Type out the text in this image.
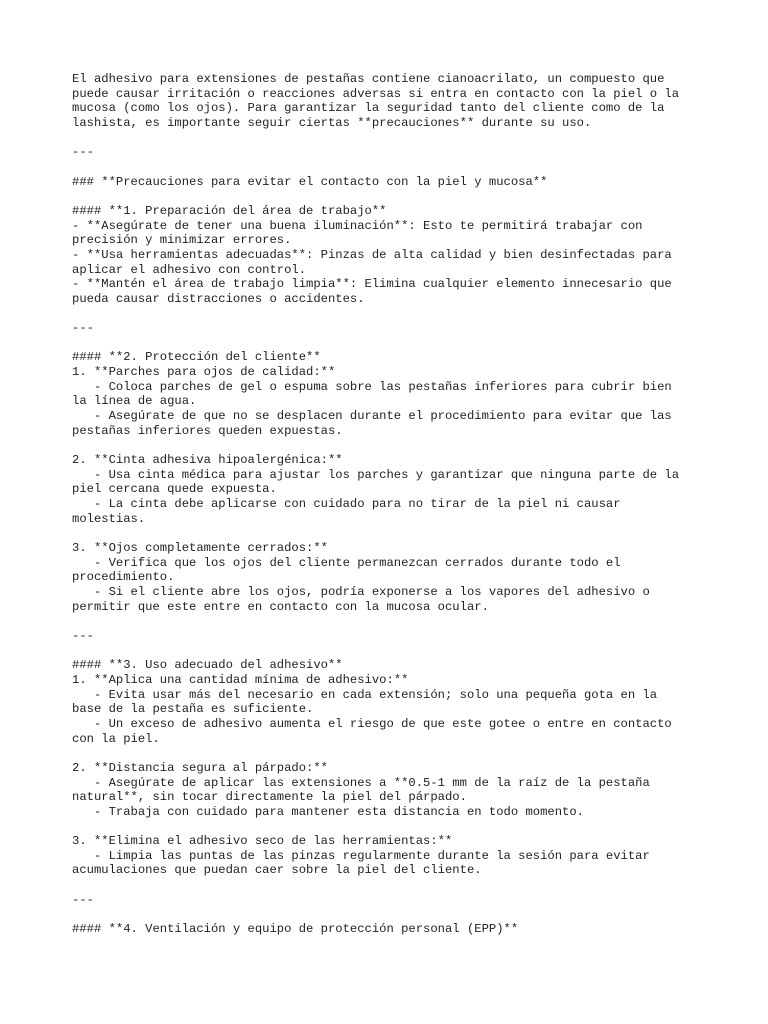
El adhesivo para extensiones de pestañas contiene cianoacrilato, un compuesto que
puede causar irritación o reacciones adversas si entra en contacto con la piel o la
mucosa (como los ojos). Para garantizar la seguridad tanto del cliente como de la
lashista, es importante seguir ciertas **precauciones** durante su uso.
---
### **Precauciones para evitar el contacto con la piel y mucosa**
#### **1. Preparación del área de trabajo**
- **Asegúrate de tener una buena iluminación**: Esto te permitirá trabajar con
precisión y minimizar errores.
- **Usa herramientas adecuadas**: Pinzas de alta calidad y bien desinfectadas para
aplicar el adhesivo con control.
- **Mantén el área de trabajo limpia**: Elimina cualquier elemento innecesario que
pueda causar distracciones o accidentes.
---
#### **2. Protección del cliente**
1. **Parches para ojos de calidad:**
- Coloca parches de gel o espuma sobre las pestañas inferiores para cubrir bien
la línea de agua.
- Asegúrate de que no se desplacen durante el procedimiento para evitar que las
pestañas inferiores queden expuestas.
2. **Cinta adhesiva hipoalergénica:**
- Usa cinta médica para ajustar los parches y garantizar que ninguna parte de la
piel cercana quede expuesta.
- La cinta debe aplicarse con cuidado para no tirar de la piel ni causar
molestias.
3. **Ojos completamente cerrados:**
- Verifica que los ojos del cliente permanezcan cerrados durante todo el
procedimiento.
- Si el cliente abre los ojos, podría exponerse a los vapores del adhesivo o
permitir que este entre en contacto con la mucosa ocular.
---
#### **3. Uso adecuado del adhesivo**
1. **Aplica una cantidad mínima de adhesivo:**
- Evita usar más del necesario en cada extensión; solo una pequeña gota en la
base de la pestaña es suficiente.
- Un exceso de adhesivo aumenta el riesgo de que este gotee o entre en contacto
con la piel.
2. **Distancia segura al párpado:**
- Asegúrate de aplicar las extensiones a **0.5-1 mm de la raíz de la pestaña
natural**, sin tocar directamente la piel del párpado.
- Trabaja con cuidado para mantener esta distancia en todo momento.
3. **Elimina el adhesivo seco de las herramientas:**
- Limpia las puntas de las pinzas regularmente durante la sesión para evitar
acumulaciones que puedan caer sobre la piel del cliente.
---
#### **4. Ventilación y equipo de protección personal (EPP)**
